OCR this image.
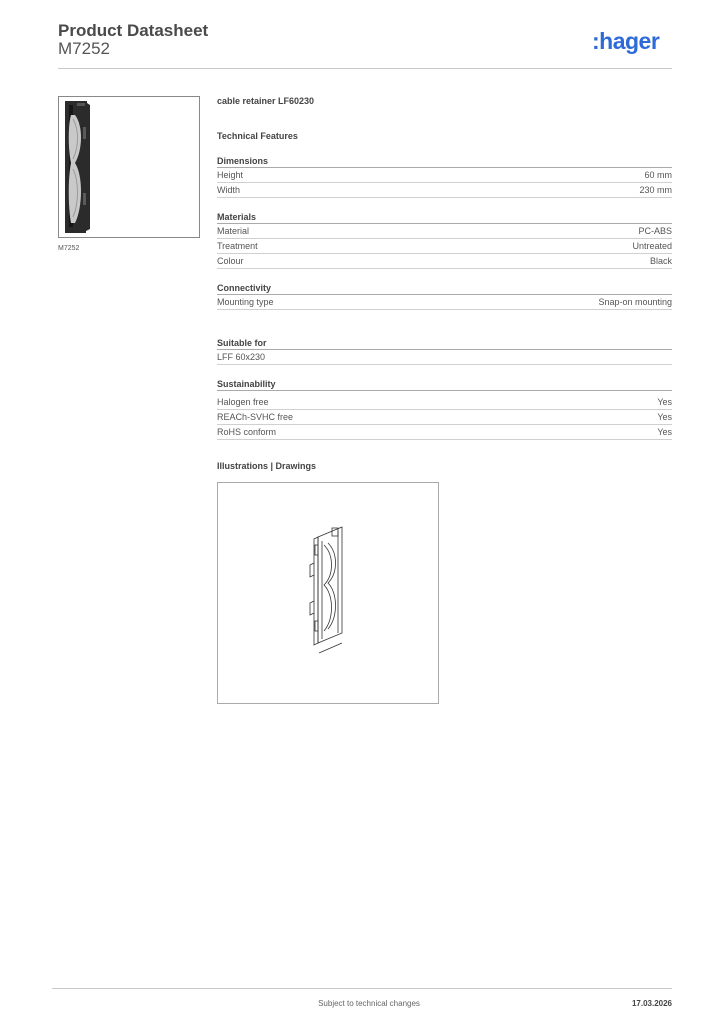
Product Datasheet
M7252	:hager
M7252
cable retainer LF60230
Technical Features
Dimensions
Height	60 mm
Width	230 mm
Materials
Material	PC-ABS
Treatment	Untreated
Colour	Black
Connectivity
Mounting type	Snap-on mounting
Suitable for
LFF 60x230
Sustainability
Halogen free	Yes
REACh-SVHC free	Yes
RoHS conform	Yes
Illustrations | Drawings
Subject to technical changes	17.03.2026
